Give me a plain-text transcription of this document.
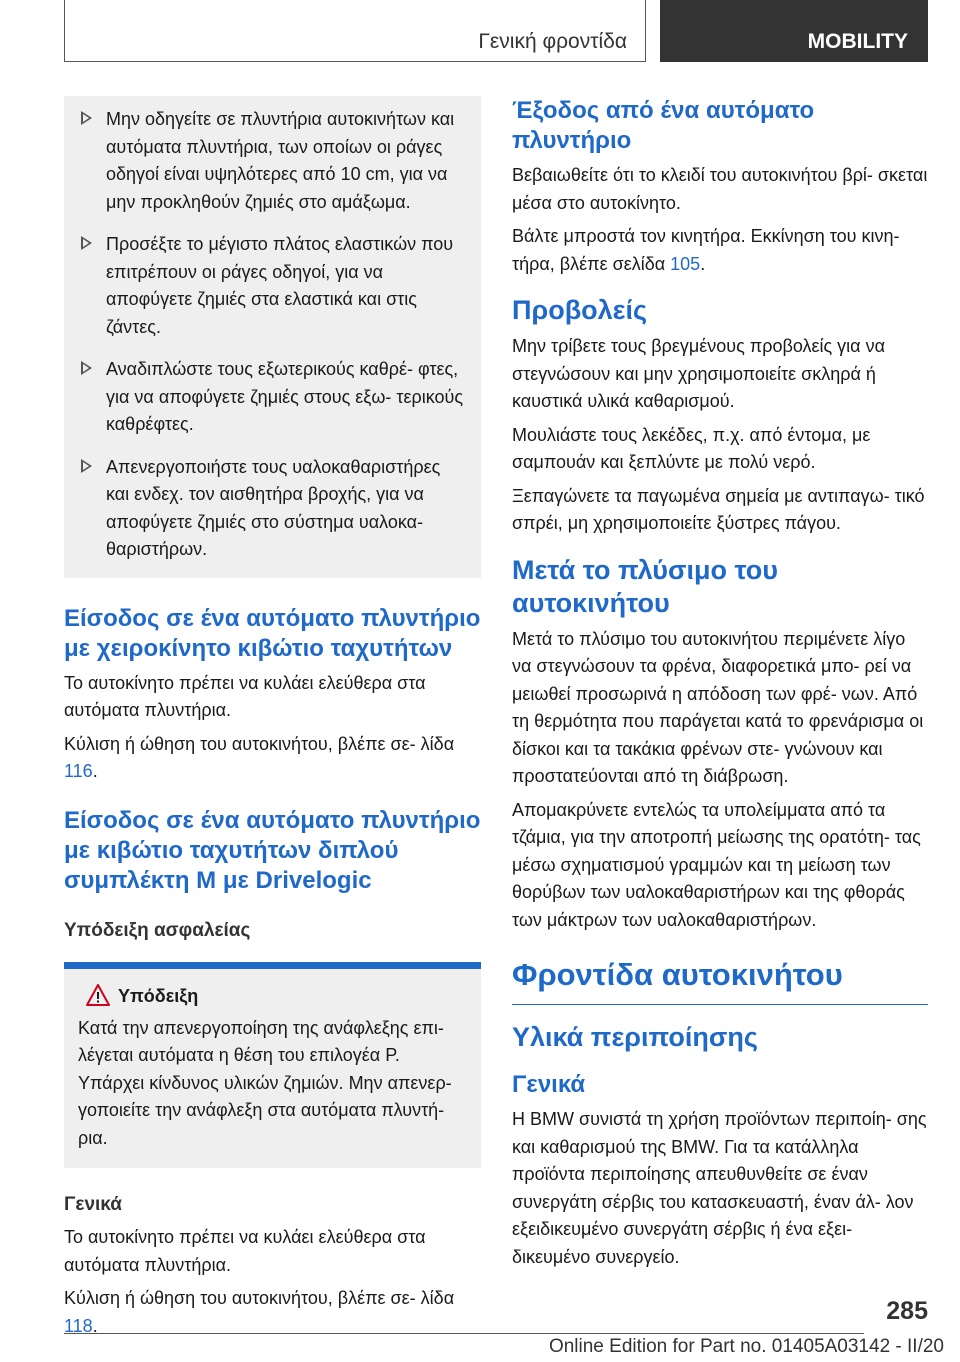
Γενική φροντίδα	MOBILITY
Μην οδηγείτε σε πλυντήρια αυτοκινήτων και αυτόματα πλυντήρια, των οποίων οι ράγες οδηγοί είναι υψηλότερες από 10 cm, για να μην προκληθούν ζημιές στο αμάξωμα.
Προσέξτε το μέγιστο πλάτος ελαστικών που επιτρέπουν οι ράγες οδηγοί, για να αποφύγετε ζημιές στα ελαστικά και στις ζάντες.
Αναδιπλώστε τους εξωτερικούς καθρέ- φτες, για να αποφύγετε ζημιές στους εξω- τερικούς καθρέφτες.
Απενεργοποιήστε τους υαλοκαθαριστήρες και ενδεχ. τον αισθητήρα βροχής, για να αποφύγετε ζημιές στο σύστημα υαλοκα- θαριστήρων.
Είσοδος σε ένα αυτόματο πλυντήριο με χειροκίνητο κιβώτιο ταχυτήτων

Το αυτοκίνητο πρέπει να κυλάει ελεύθερα στα αυτόματα πλυντήρια.

Κύλιση ή ώθηση του αυτοκινήτου, βλέπε σε- λίδα 116.

Είσοδος σε ένα αυτόματο πλυντήριο με κιβώτιο ταχυτήτων διπλού συμπλέκτη M με Drivelogic
Υπόδειξη ασφαλείας
Υπόδειξη

Κατά την απενεργοποίηση της ανάφλεξης επι- λέγεται αυτόματα η θέση του επιλογέα P. Υπάρχει κίνδυνος υλικών ζημιών. Μην απενερ- γοποιείτε την ανάφλεξη στα αυτόματα πλυντή- ρια.

Γενικά

Το αυτοκίνητο πρέπει να κυλάει ελεύθερα στα αυτόματα πλυντήρια.

Κύλιση ή ώθηση του αυτοκινήτου, βλέπε σε- λίδα 118.

Έξοδος από ένα αυτόματο πλυντήριο

Βεβαιωθείτε ότι το κλειδί του αυτοκινήτου βρί- σκεται μέσα στο αυτοκίνητο.

Βάλτε μπροστά τον κινητήρα. Εκκίνηση του κινη- τήρα, βλέπε σελίδα 105.

Προβολείς

Μην τρίβετε τους βρεγμένους προβολείς για να στεγνώσουν και μην χρησιμοποιείτε σκληρά ή καυστικά υλικά καθαρισμού.

Μουλιάστε τους λεκέδες, π.χ. από έντομα, με σαμπουάν και ξεπλύντε με πολύ νερό.

Ξεπαγώνετε τα παγωμένα σημεία με αντιπαγω- τικό σπρέι, μη χρησιμοποιείτε ξύστρες πάγου.

Μετά το πλύσιμο του αυτοκινήτου

Μετά το πλύσιμο του αυτοκινήτου περιμένετε λίγο να στεγνώσουν τα φρένα, διαφορετικά μπο- ρεί να μειωθεί προσωρινά η απόδοση των φρέ- νων. Από τη θερμότητα που παράγεται κατά το φρενάρισμα οι δίσκοι και τα τακάκια φρένων στε- γνώνουν και προστατεύονται από τη διάβρωση.

Απομακρύνετε εντελώς τα υπολείμματα από τα τζάμια, για την αποτροπή μείωσης της ορατότη- τας μέσω σχηματισμού γραμμών και τη μείωση των θορύβων των υαλοκαθαριστήρων και της φθοράς των μάκτρων των υαλοκαθαριστήρων.

Φροντίδα αυτοκινήτου
Υλικά περιποίησης
Γενικά

Η BMW συνιστά τη χρήση προϊόντων περιποίη- σης και καθαρισμού της BMW. Για τα κατάλληλα προϊόντα περιποίησης απευθυνθείτε σε έναν συνεργάτη σέρβις του κατασκευαστή, έναν άλ- λον εξειδικευμένο συνεργάτη σέρβις ή ένα εξει- δικευμένο συνεργείο.

285
Online Edition for Part no. 01405A03142 - II/20
